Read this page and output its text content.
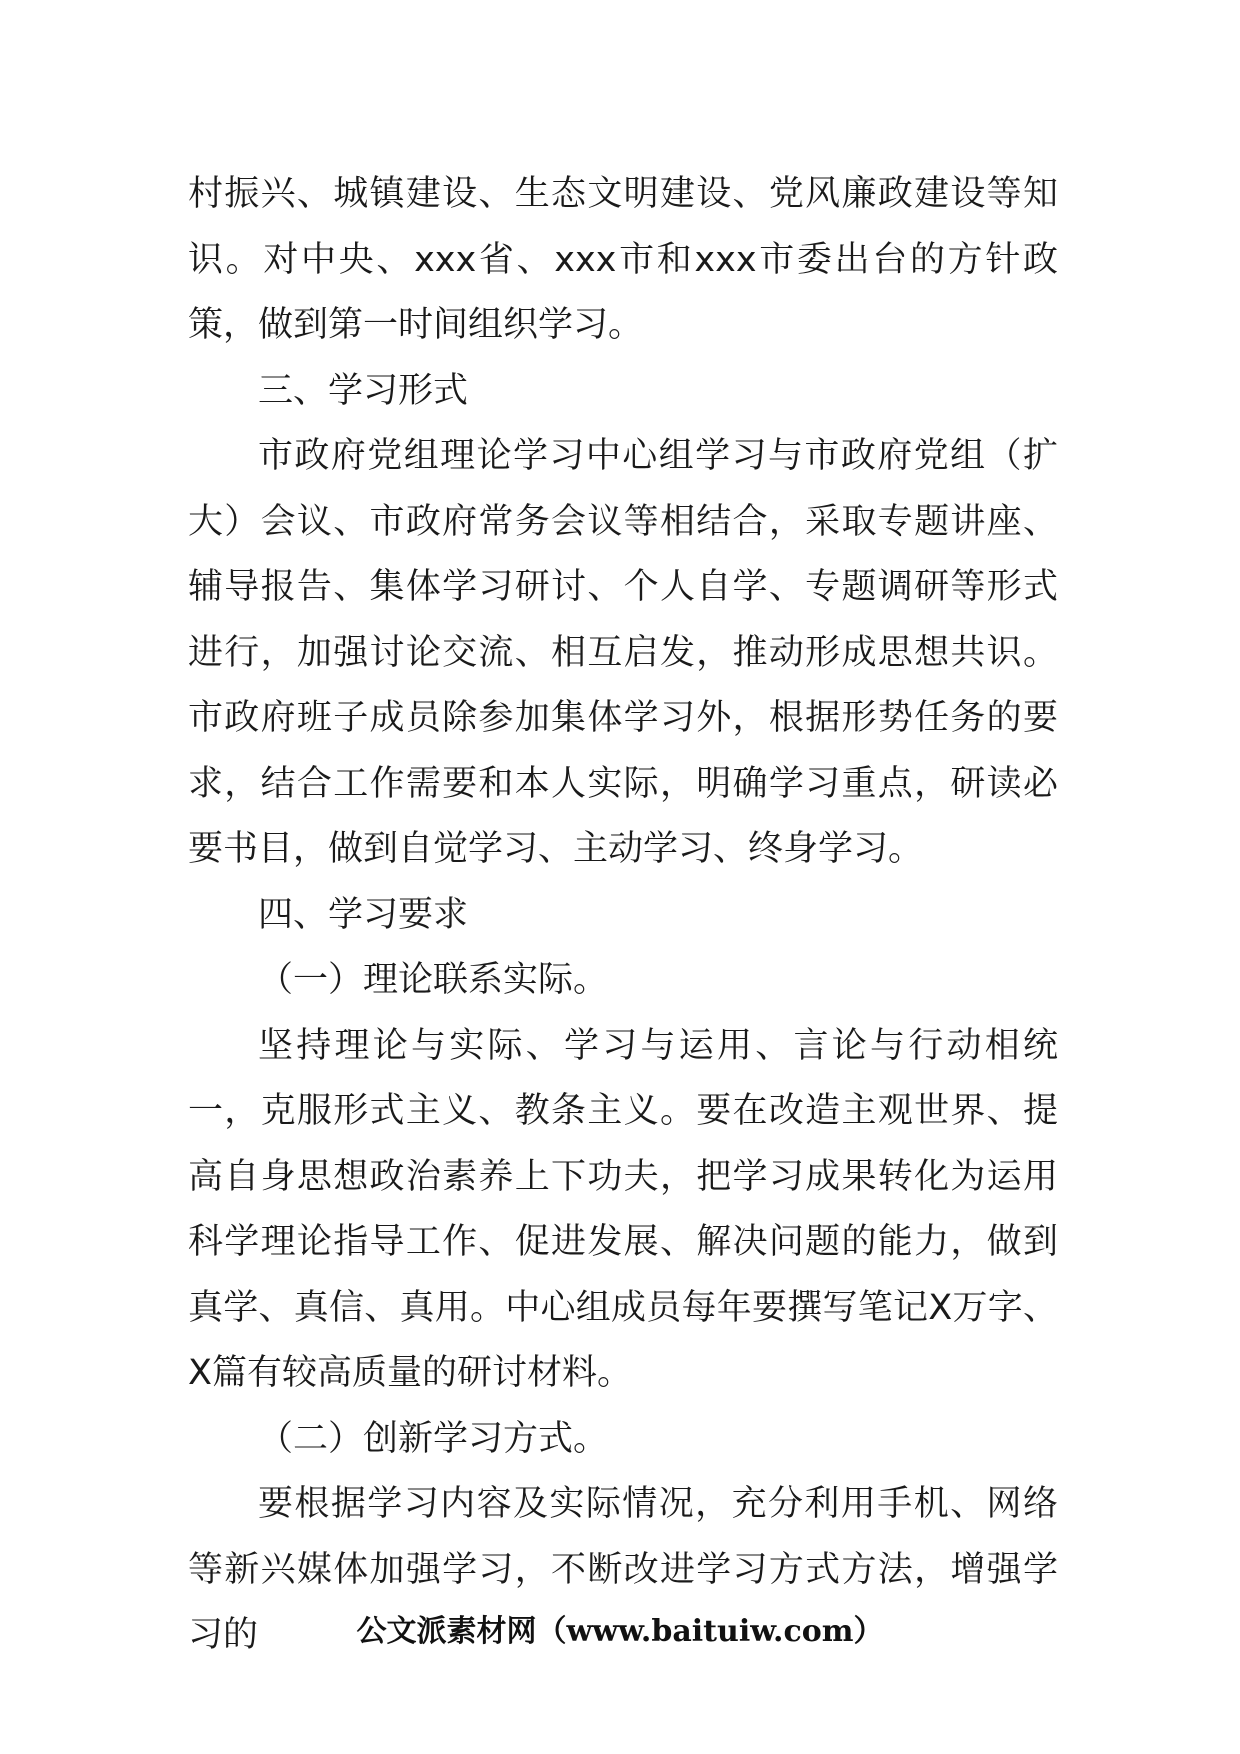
村振兴、城镇建设、生态文明建设、党风廉政建设等知识。对中央、xxx省、xxx市和xxx市委出台的方针政策，做到第一时间组织学习。

三、学习形式

市政府党组理论学习中心组学习与市政府党组（扩大）会议、市政府常务会议等相结合，采取专题讲座、辅导报告、集体学习研讨、个人自学、专题调研等形式进行，加强讨论交流、相互启发，推动形成思想共识。市政府班子成员除参加集体学习外，根据形势任务的要求，结合工作需要和本人实际，明确学习重点，研读必要书目，做到自觉学习、主动学习、终身学习。

四、学习要求

（一）理论联系实际。

坚持理论与实际、学习与运用、言论与行动相统一，克服形式主义、教条主义。要在改造主观世界、提高自身思想政治素养上下功夫，把学习成果转化为运用科学理论指导工作、促进发展、解决问题的能力，做到真学、真信、真用。中心组成员每年要撰写笔记X万字、X篇有较高质量的研讨材料。

（二）创新学习方式。

要根据学习内容及实际情况，充分利用手机、网络等新兴媒体加强学习，不断改进学习方式方法，增强学习的	公文派素材网（www.baituiw.com）
